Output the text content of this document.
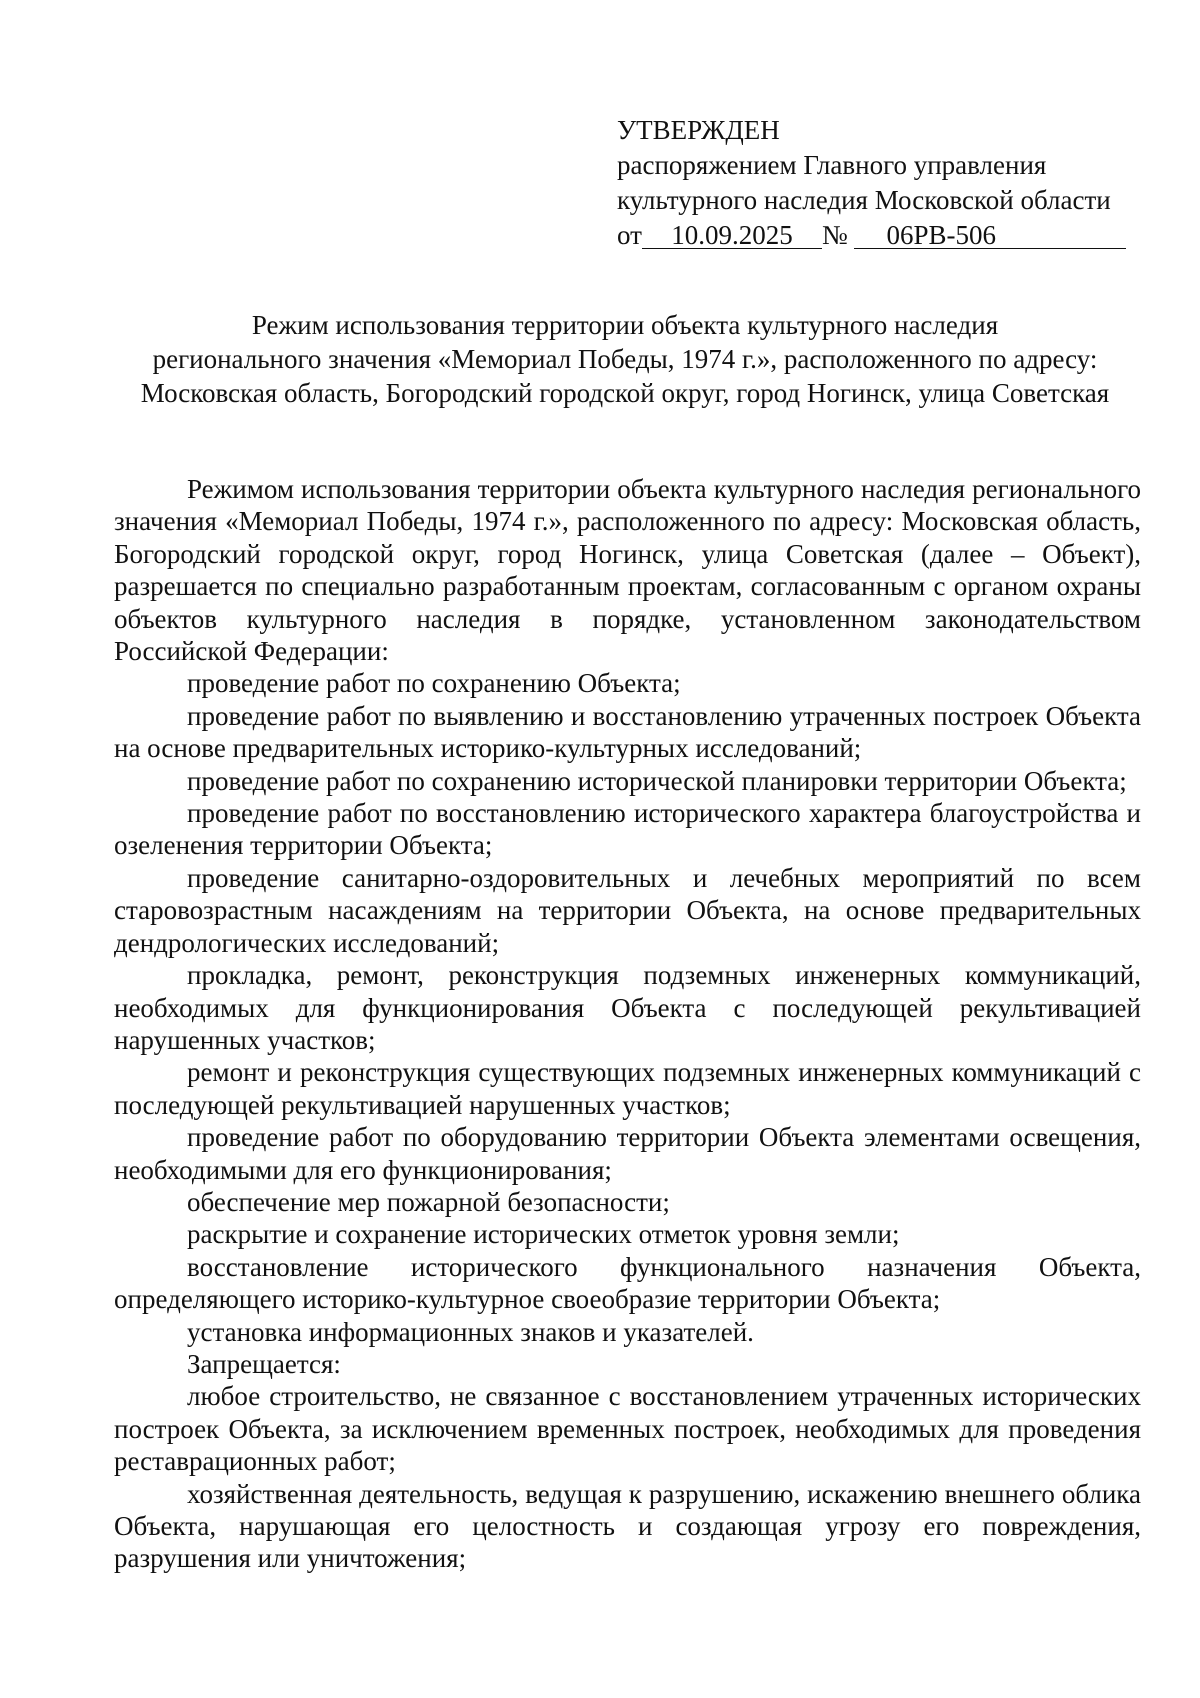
УТВЕРЖДЕН
распоряжением Главного управления
культурного наследия Московской области
от 10.09.2025 № 06РВ-506
Режим использования территории объекта культурного наследия
регионального значения «Мемориал Победы, 1974 г.», расположенного по адресу:
Московская область, Богородский городской округ, город Ногинск, улица Советская

Режимом использования территории объекта культурного наследия регионального значения «Мемориал Победы, 1974 г.», расположенного по адресу: Московская область, Богородский городской округ, город Ногинск, улица Советская (далее – Объект), разрешается по специально разработанным проектам, согласованным с органом охраны объектов культурного наследия в порядке, установленном законодательством Российской Федерации:

проведение работ по сохранению Объекта;

проведение работ по выявлению и восстановлению утраченных построек Объекта на основе предварительных историко-культурных исследований;

проведение работ по сохранению исторической планировки территории Объекта;

проведение работ по восстановлению исторического характера благоустройства и озеленения территории Объекта;

проведение санитарно-оздоровительных и лечебных мероприятий по всем старовозрастным насаждениям на территории Объекта, на основе предварительных дендрологических исследований;

прокладка, ремонт, реконструкция подземных инженерных коммуникаций, необходимых для функционирования Объекта с последующей рекультивацией нарушенных участков;

ремонт и реконструкция существующих подземных инженерных коммуникаций с последующей рекультивацией нарушенных участков;

проведение работ по оборудованию территории Объекта элементами освещения, необходимыми для его функционирования;

обеспечение мер пожарной безопасности;

раскрытие и сохранение исторических отметок уровня земли;

восстановление исторического функционального назначения Объекта, определяющего историко-культурное своеобразие территории Объекта;

установка информационных знаков и указателей.

Запрещается:

любое строительство, не связанное с восстановлением утраченных исторических построек Объекта, за исключением временных построек, необходимых для проведения реставрационных работ;

хозяйственная деятельность, ведущая к разрушению, искажению внешнего облика Объекта, нарушающая его целостность и создающая угрозу его повреждения, разрушения или уничтожения;
